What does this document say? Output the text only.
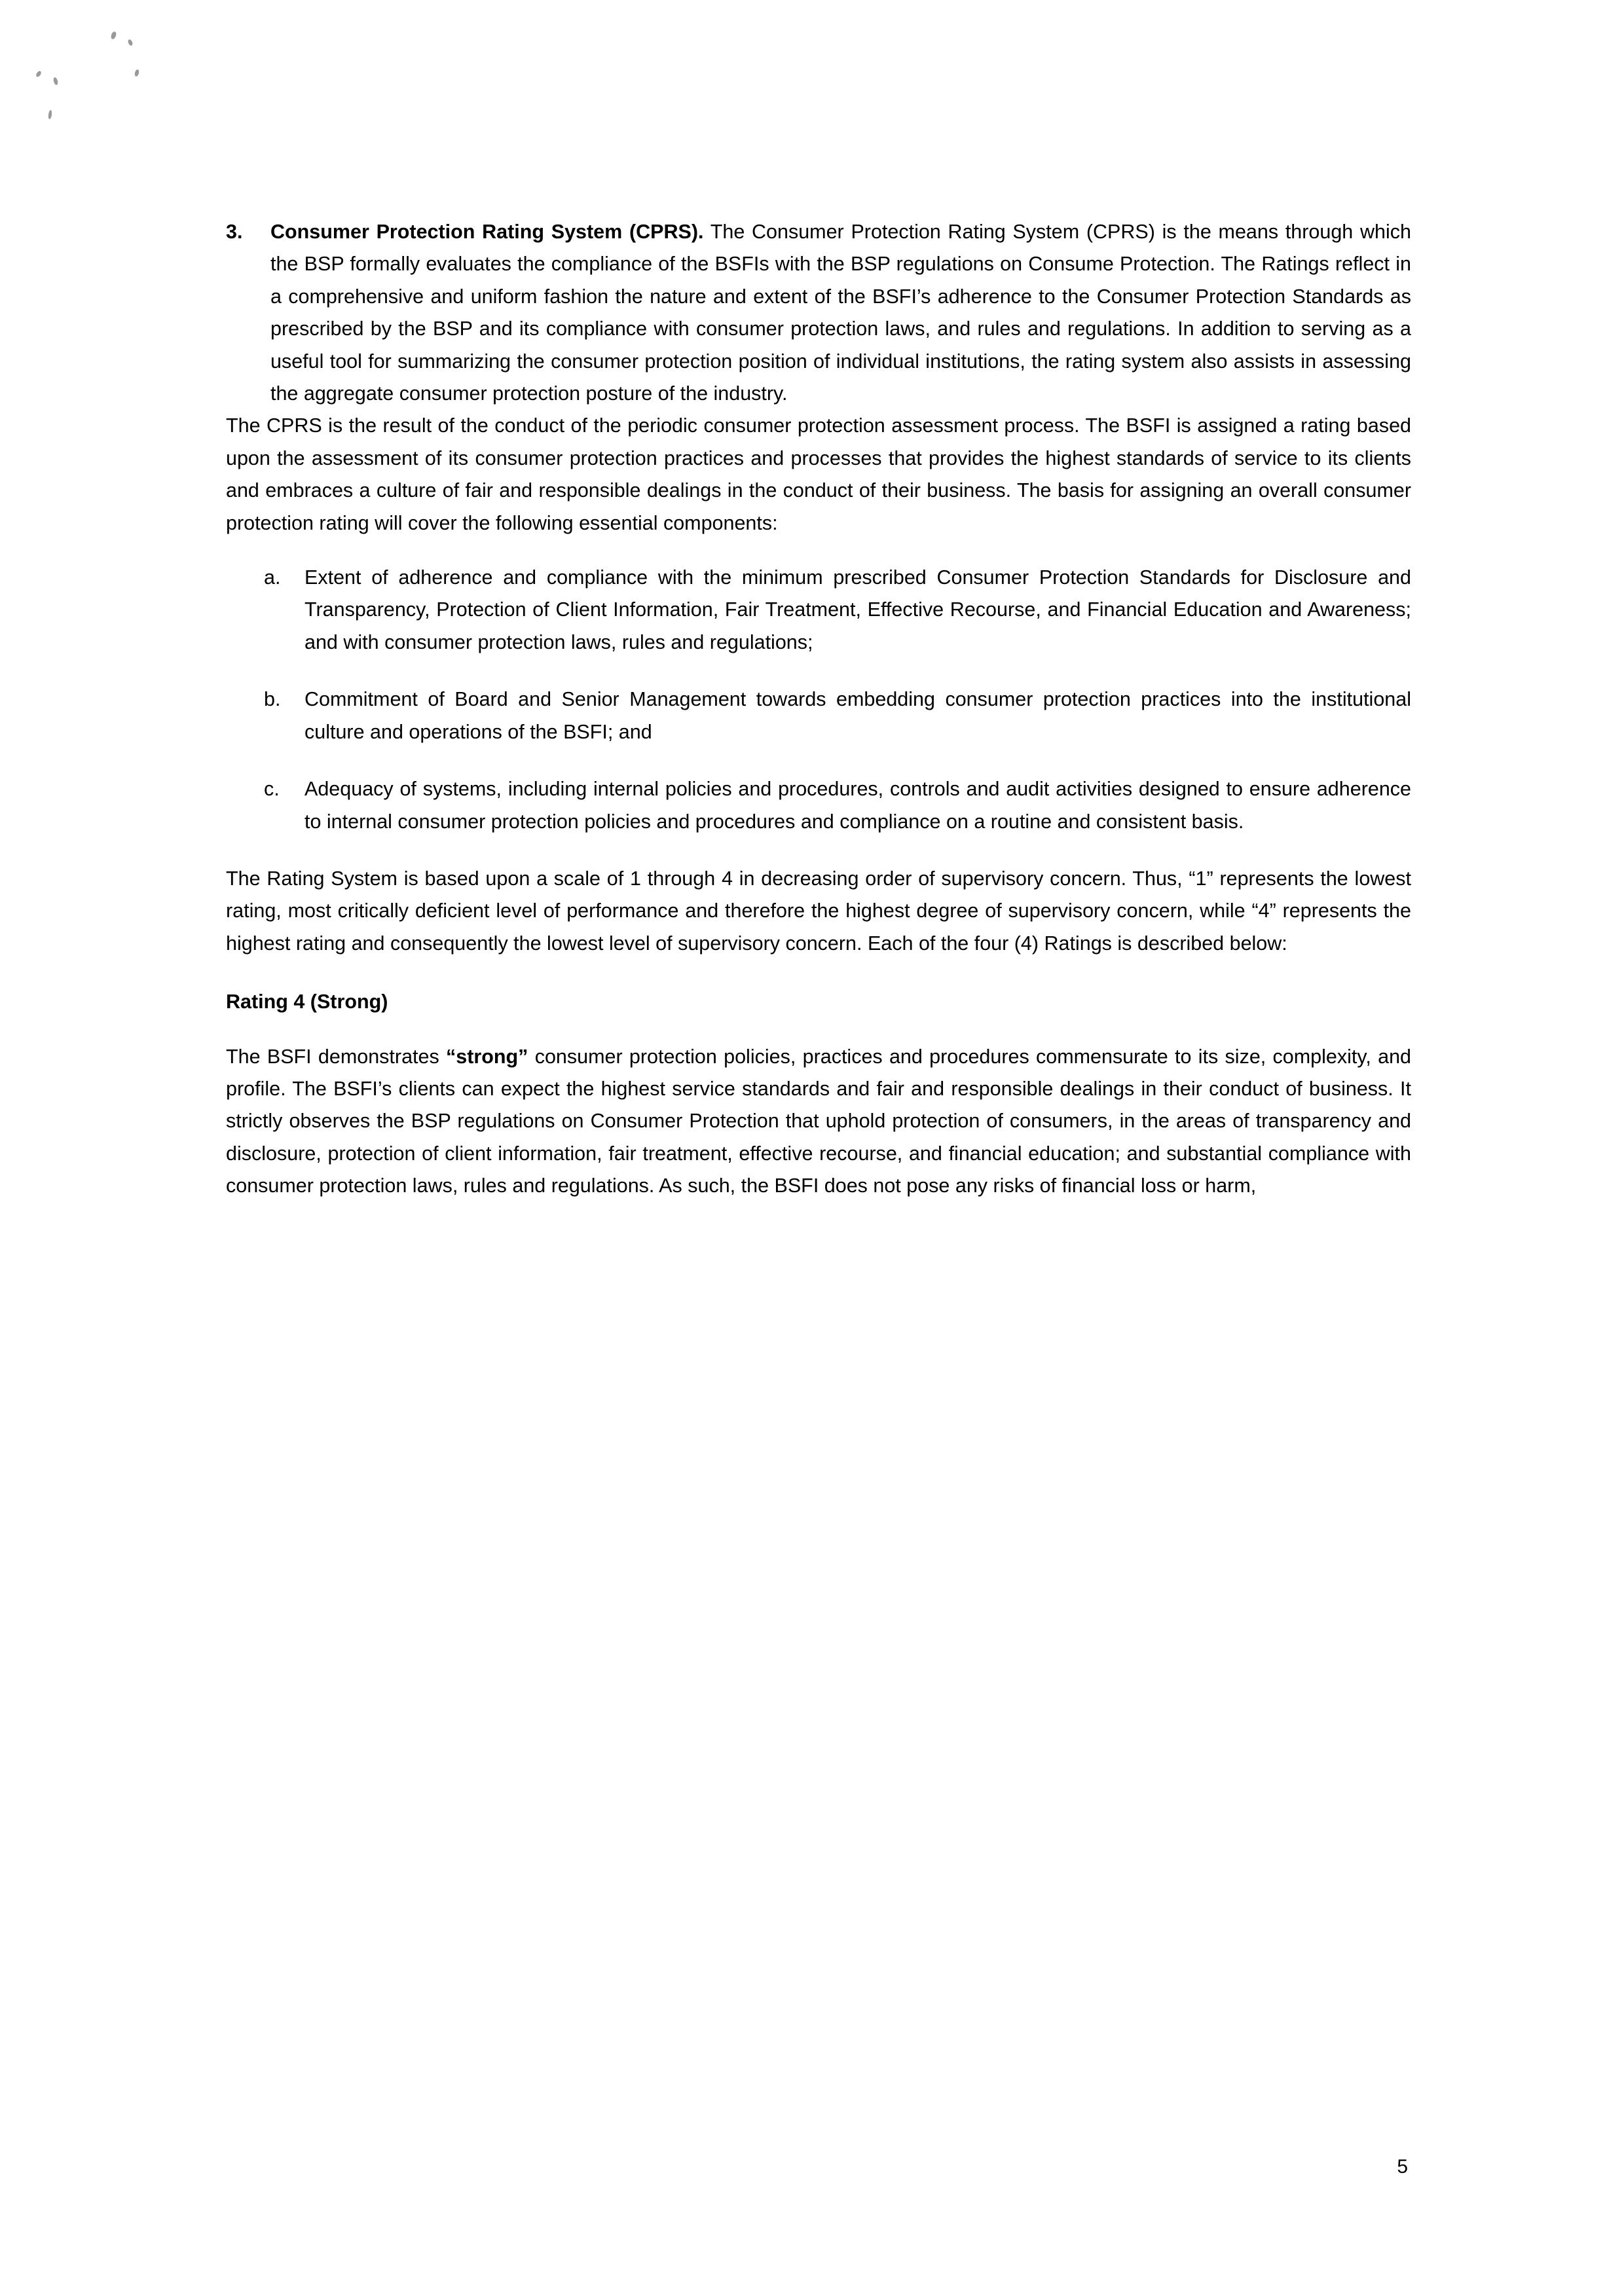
3.	Consumer Protection Rating System (CPRS). The Consumer Protection Rating System (CPRS) is the means through which the BSP formally evaluates the compliance of the BSFIs with the BSP regulations on Consume Protection. The Ratings reflect in a comprehensive and uniform fashion the nature and extent of the BSFI’s adherence to the Consumer Protection Standards as prescribed by the BSP and its compliance with consumer protection laws, and rules and regulations. In addition to serving as a useful tool for summarizing the consumer protection position of individual institutions, the rating system also assists in assessing the aggregate consumer protection posture of the industry.

The CPRS is the result of the conduct of the periodic consumer protection assessment process. The BSFI is assigned a rating based upon the assessment of its consumer protection practices and processes that provides the highest standards of service to its clients and embraces a culture of fair and responsible dealings in the conduct of their business. The basis for assigning an overall consumer protection rating will cover the following essential components:

a.	Extent of adherence and compliance with the minimum prescribed Consumer Protection Standards for Disclosure and Transparency, Protection of Client Information, Fair Treatment, Effective Recourse, and Financial Education and Awareness; and with consumer protection laws, rules and regulations;
b.	Commitment of Board and Senior Management towards embedding consumer protection practices into the institutional culture and operations of the BSFI; and
c.	Adequacy of systems, including internal policies and procedures, controls and audit activities designed to ensure adherence to internal consumer protection policies and procedures and compliance on a routine and consistent basis.

The Rating System is based upon a scale of 1 through 4 in decreasing order of supervisory concern. Thus, “1” represents the lowest rating, most critically deficient level of performance and therefore the highest degree of supervisory concern, while “4” represents the highest rating and consequently the lowest level of supervisory concern. Each of the four (4) Ratings is described below:

Rating 4 (Strong)

The BSFI demonstrates “strong” consumer protection policies, practices and procedures commensurate to its size, complexity, and profile. The BSFI’s clients can expect the highest service standards and fair and responsible dealings in their conduct of business. It strictly observes the BSP regulations on Consumer Protection that uphold protection of consumers, in the areas of transparency and disclosure, protection of client information, fair treatment, effective recourse, and financial education; and substantial compliance with consumer protection laws, rules and regulations. As such, the BSFI does not pose any risks of financial loss or harm,

5
